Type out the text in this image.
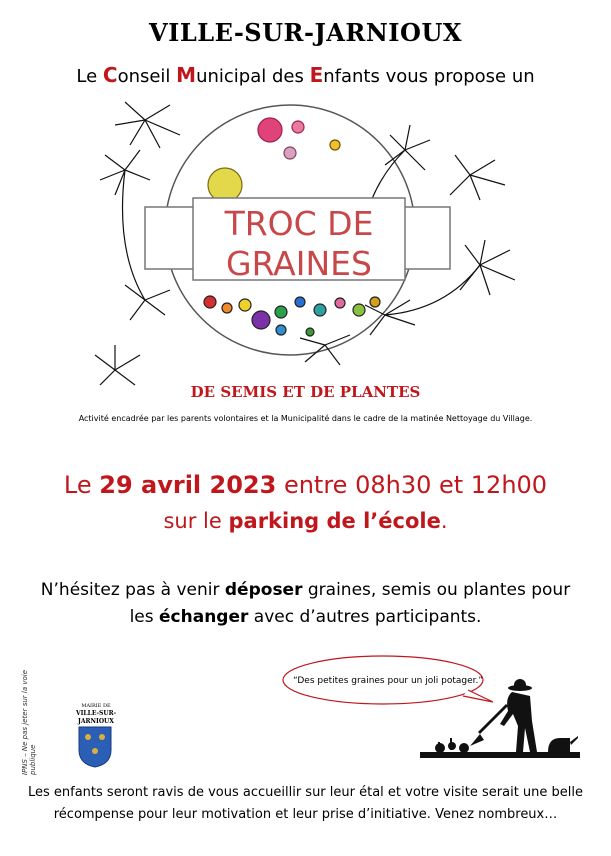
VILLE-SUR-JARNIOUX
Le Conseil Municipal des Enfants vous propose un
TROC DE
GRAINES
DE SEMIS ET DE PLANTES
Activité encadrée par les parents volontaires et la Municipalité dans le cadre de la matinée Nettoyage du Village.
Le 29 avril 2023 entre 08h30 et 12h00
sur le parking de l’école.
N’hésitez pas à venir déposer graines, semis ou plantes pour
les échanger avec d’autres participants.
IPNS – Ne pas jeter sur la voie publique
MAIRIE DE
VILLE-SUR-JARNIOUX
“Des petites graines pour un joli potager.”
Les enfants seront ravis de vous accueillir sur leur étal et votre visite serait une belle
récompense pour leur motivation et leur prise d’initiative. Venez nombreux…
